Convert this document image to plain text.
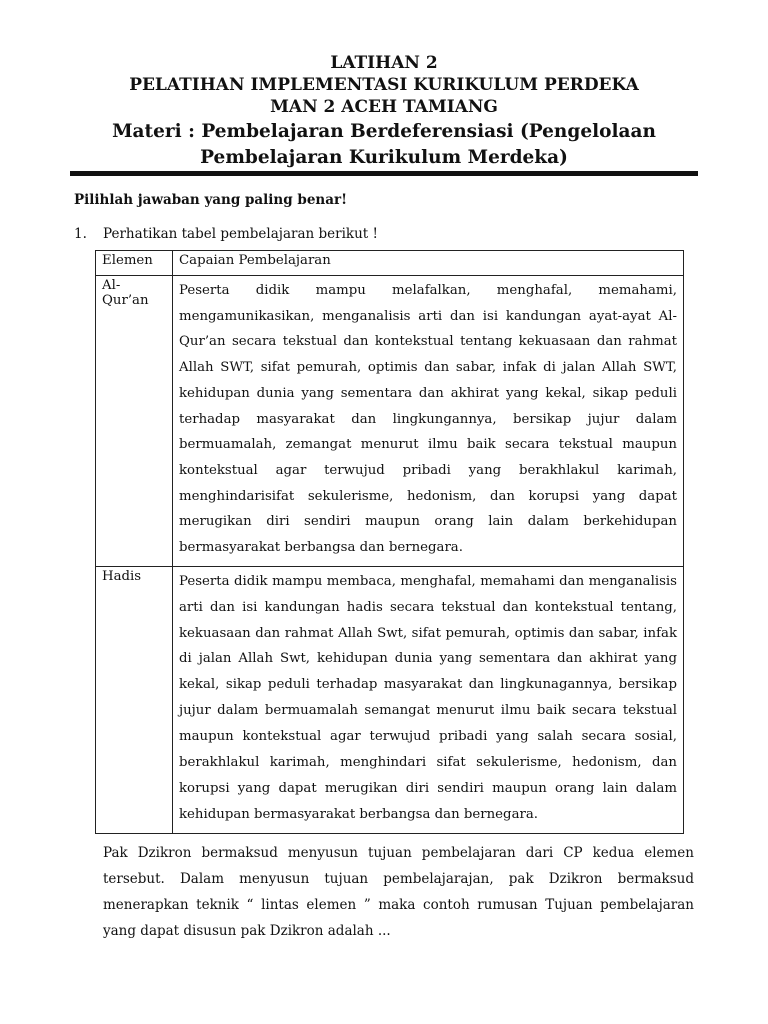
LATIHAN 2
PELATIHAN IMPLEMENTASI KURIKULUM PERDEKA
MAN 2 ACEH TAMIANG
Materi : Pembelajaran Berdeferensiasi (Pengelolaan
Pembelajaran Kurikulum Merdeka)
Pilihlah jawaban yang paling benar!
1. Perhatikan tabel pembelajaran berikut !
Elemen	Capaian Pembelajaran
Al-Qur’an	Peserta didik mampu melafalkan, menghafal, memahami, mengamunikasikan, menganalisis arti dan isi kandungan ayat-ayat Al-Qur’an secara tekstual dan kontekstual tentang kekuasaan dan rahmat Allah SWT, sifat pemurah, optimis dan sabar, infak di jalan Allah SWT, kehidupan dunia yang sementara dan akhirat yang kekal, sikap peduli terhadap masyarakat dan lingkungannya, bersikap jujur dalam bermuamalah, zemangat menurut ilmu baik secara tekstual maupun kontekstual agar terwujud pribadi yang berakhlakul karimah, menghindarisifat sekulerisme, hedonism, dan korupsi yang dapat merugikan diri sendiri maupun orang lain dalam berkehidupan bermasyarakat berbangsa dan bernegara.

Hadis	Peserta didik mampu membaca, menghafal, memahami dan menganalisis arti dan isi kandungan hadis secara tekstual dan kontekstual tentang, kekuasaan dan rahmat Allah Swt, sifat pemurah, optimis dan sabar, infak di jalan Allah Swt, kehidupan dunia yang sementara dan akhirat yang kekal, sikap peduli terhadap masyarakat dan lingkunagannya, bersikap jujur dalam bermuamalah semangat menurut ilmu baik secara tekstual maupun kontekstual agar terwujud pribadi yang salah secara sosial, berakhlakul karimah, menghindari sifat sekulerisme, hedonism, dan korupsi yang dapat merugikan diri sendiri maupun orang lain dalam kehidupan bermasyarakat berbangsa dan bernegara.
Pak Dzikron bermaksud menyusun tujuan pembelajaran dari CP kedua elemen tersebut. Dalam menyusun tujuan pembelajarajan, pak Dzikron bermaksud menerapkan teknik “ lintas elemen ” maka contoh rumusan Tujuan pembelajaran yang dapat disusun pak Dzikron adalah ...
